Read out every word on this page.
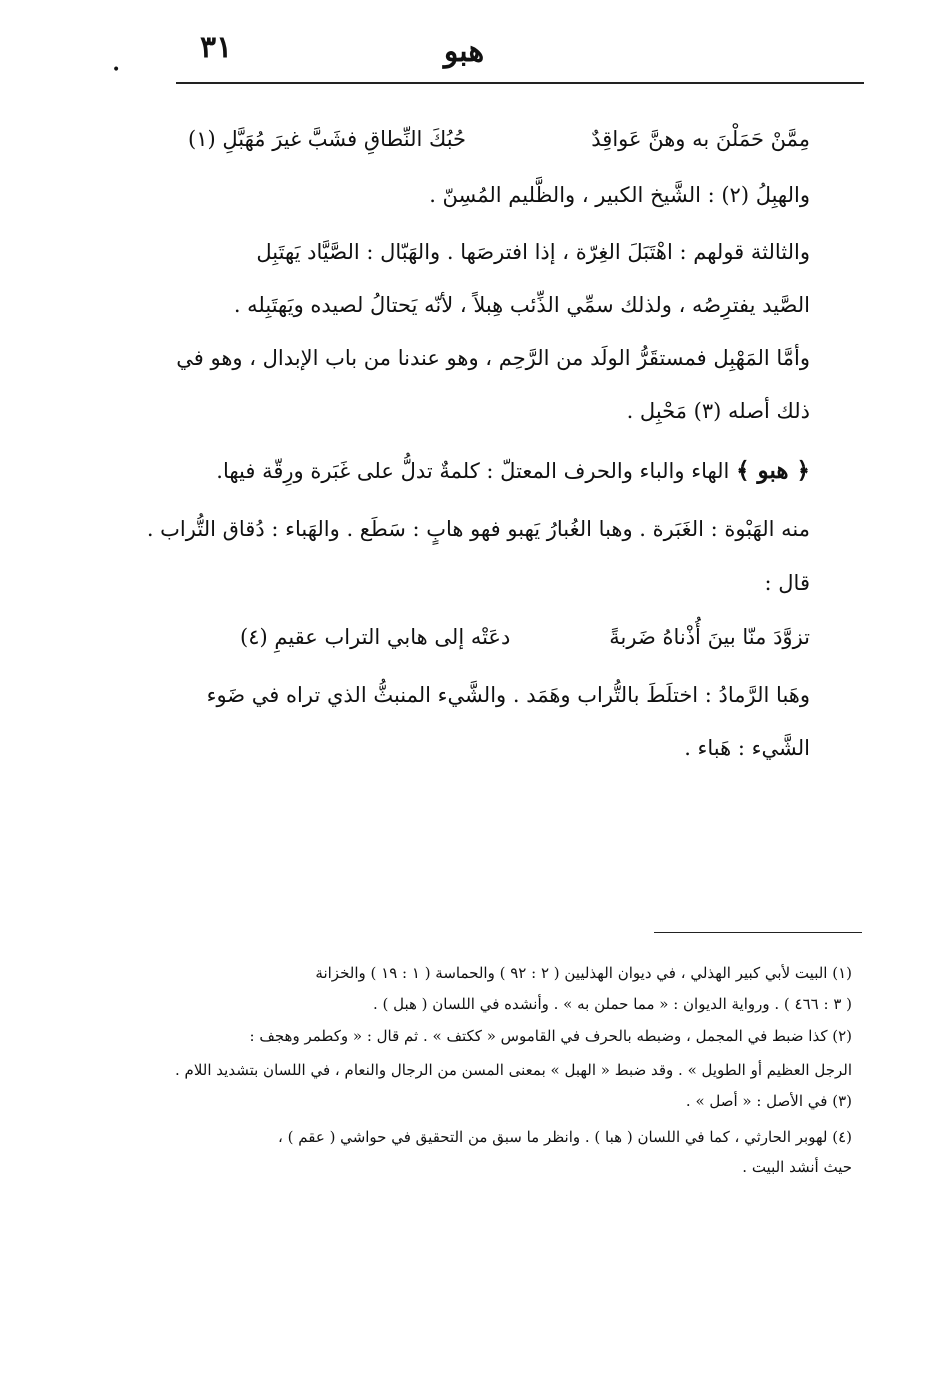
٣١
•
هبو
مِمَّنْ حَمَلْنَ به وهنَّ عَواقِدٌ
حُبُكَ النِّطاقِ فشَبَّ غيرَ مُهَبَّلِ (١)
والهبِلُ (٢) : الشَّيخ الكبير ، والظَّليم المُسِنّ .
والثالثة قولهم : اهْتَبَلَ الغِرّة ، إذا افترصَها . والهَبّال : الصَّيَّاد يَهتَبِل
الصَّيد يفترِصُه ، ولذلك سمِّي الذِّئب هِبلاً ، لأنّه يَحتالُ لصيده ويَهتَبِله .
وأمَّا المَهْبِل فمستقَرُّ الولَد من الرَّحِم ، وهو عندنا من باب الإبدال ، وهو في
ذلك أصله (٣) مَحْبِل .
﴿ هبو ﴾ الهاء والباء والحرف المعتلّ : كلمةٌ تدلُّ على غَبَرة ورِقّة فيها.
منه الهَبْوة : الغَبَرة . وهبا الغُبارُ يَهبو فهو هابٍ : سَطَع . والهَباء : دُقاق التُّراب .
قال :
تزوَّدَ منّا بينَ أُذْناهُ ضَربةً
دعَتْه إلى هابي التراب عقيمِ (٤)
وهَبا الرَّمادُ : اختلَطَ بالتُّراب وهَمَد . والشَّيء المنبثُّ الذي تراه في ضَوء
الشَّيء : هَباء .
(١) البيت لأبي كبير الهذلي ، في ديوان الهذليين ( ٢ : ٩٢ ) والحماسة ( ١ : ١٩ ) والخزانة
( ٣ : ٤٦٦ ) . ورواية الديوان : « مما حملن به » . وأنشده في اللسان ( هبل ) .
(٢) كذا ضبط في المجمل ، وضبطه بالحرف في القاموس « ككتف » . ثم قال : « وكطمر وهجف :
الرجل العظيم أو الطويل » . وقد ضبط « الهبل » بمعنى المسن من الرجال والنعام ، في اللسان بتشديد اللام .
(٣) في الأصل : « أصل » .
(٤) لهوبر الحارثي ، كما في اللسان ( هبا ) . وانظر ما سبق من التحقيق في حواشي ( عقم ) ،
حيث أنشد البيت .
